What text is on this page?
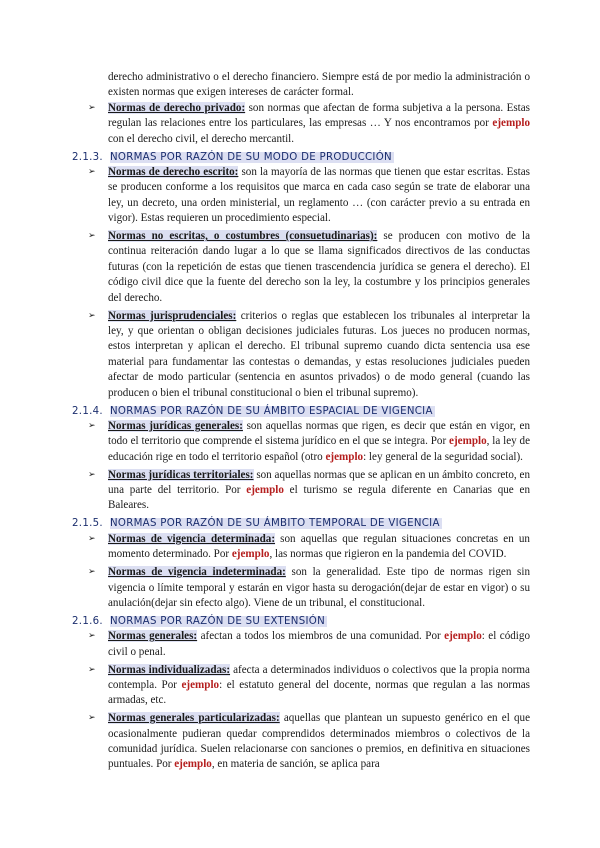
derecho administrativo o el derecho financiero. Siempre está de por medio la administración o existen normas que exigen intereses de carácter formal.

➢ Normas de derecho privado: son normas que afectan de forma subjetiva a la persona. Estas regulan las relaciones entre los particulares, las empresas … Y nos encontramos por ejemplo con el derecho civil, el derecho mercantil.
2.1.3. NORMAS POR RAZÓN DE SU MODO DE PRODUCCIÓN
➢ Normas de derecho escrito: son la mayoría de las normas que tienen que estar escritas. Estas se producen conforme a los requisitos que marca en cada caso según se trate de elaborar una ley, un decreto, una orden ministerial, un reglamento … (con carácter previo a su entrada en vigor). Estas requieren un procedimiento especial.
➢ Normas no escritas, o costumbres (consuetudinarias): se producen con motivo de la continua reiteración dando lugar a lo que se llama significados directivos de las conductas futuras (con la repetición de estas que tienen trascendencia jurídica se genera el derecho). El código civil dice que la fuente del derecho son la ley, la costumbre y los principios generales del derecho.
➢ Normas jurisprudenciales: criterios o reglas que establecen los tribunales al interpretar la ley, y que orientan o obligan decisiones judiciales futuras. Los jueces no producen normas, estos interpretan y aplican el derecho. El tribunal supremo cuando dicta sentencia usa ese material para fundamentar las contestas o demandas, y estas resoluciones judiciales pueden afectar de modo particular (sentencia en asuntos privados) o de modo general (cuando las producen o bien el tribunal constitucional o bien el tribunal supremo).
2.1.4. NORMAS POR RAZÓN DE SU ÁMBITO ESPACIAL DE VIGENCIA
➢ Normas jurídicas generales: son aquellas normas que rigen, es decir que están en vigor, en todo el territorio que comprende el sistema jurídico en el que se integra. Por ejemplo, la ley de educación rige en todo el territorio español (otro ejemplo: ley general de la seguridad social).
➢ Normas jurídicas territoriales: son aquellas normas que se aplican en un ámbito concreto, en una parte del territorio. Por ejemplo el turismo se regula diferente en Canarias que en Baleares.
2.1.5. NORMAS POR RAZÓN DE SU ÁMBITO TEMPORAL DE VIGENCIA
➢ Normas de vigencia determinada: son aquellas que regulan situaciones concretas en un momento determinado. Por ejemplo, las normas que rigieron en la pandemia del COVID.
➢ Normas de vigencia indeterminada: son la generalidad. Este tipo de normas rigen sin vigencia o límite temporal y estarán en vigor hasta su derogación(dejar de estar en vigor) o su anulación(dejar sin efecto algo). Viene de un tribunal, el constitucional.
2.1.6. NORMAS POR RAZÓN DE SU EXTENSIÓN
➢ Normas generales: afectan a todos los miembros de una comunidad. Por ejemplo: el código civil o penal.
➢ Normas individualizadas: afecta a determinados individuos o colectivos que la propia norma contempla. Por ejemplo: el estatuto general del docente, normas que regulan a las normas armadas, etc.
➢ Normas generales particularizadas: aquellas que plantean un supuesto genérico en el que ocasionalmente pudieran quedar comprendidos determinados miembros o colectivos de la comunidad jurídica. Suelen relacionarse con sanciones o premios, en definitiva en situaciones puntuales. Por ejemplo, en materia de sanción, se aplica para
